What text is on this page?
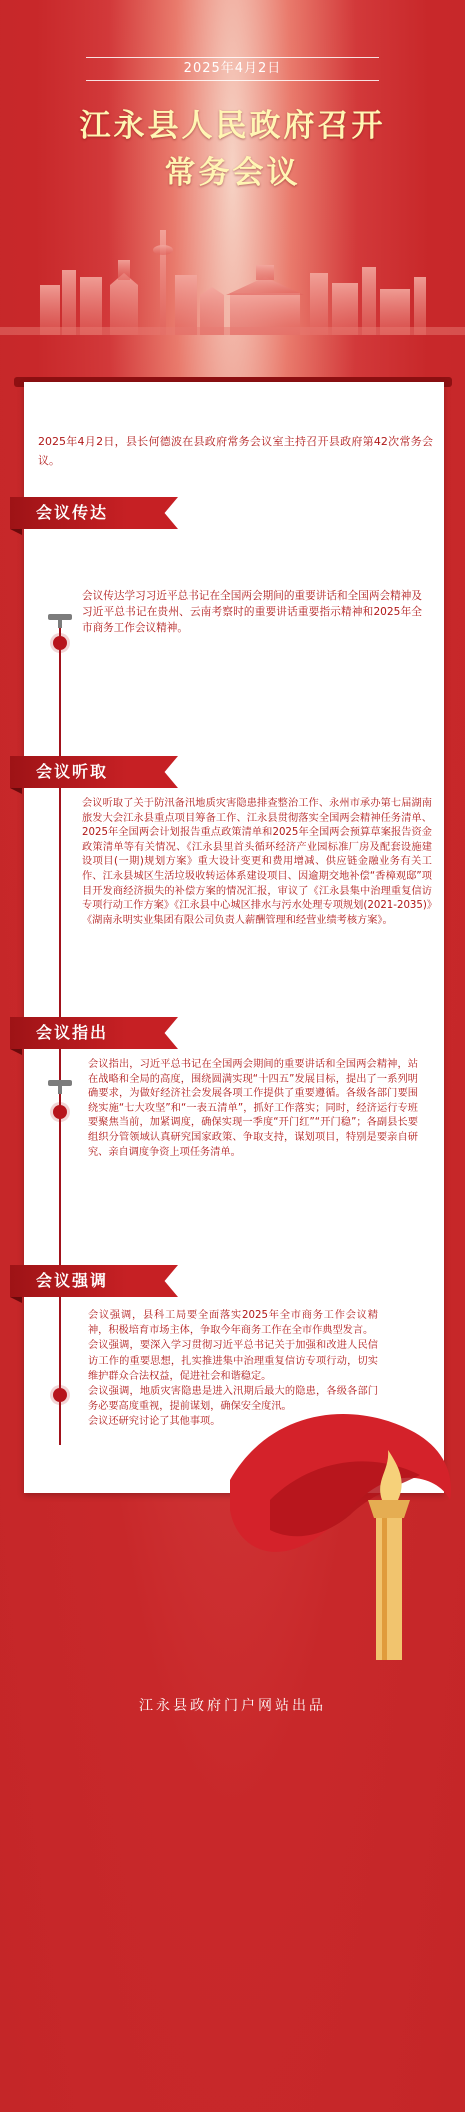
2025年4月2日
江永县人民政府召开
常务会议

2025年4月2日，县长何德波在县政府常务会议室主持召开县政府第42次常务会议。

会议传达

会议传达学习习近平总书记在全国两会期间的重要讲话和全国两会精神及习近平总书记在贵州、云南考察时的重要讲话重要指示精神和2025年全市商务工作会议精神。

会议听取

会议听取了关于防汛备汛地质灾害隐患排查整治工作、永州市承办第七届湖南旅发大会江永县重点项目筹备工作、江永县贯彻落实全国两会精神任务清单、2025年全国两会计划报告重点政策清单和2025年全国两会预算草案报告资金政策清单等有关情况、《江永县里首头循环经济产业园标准厂房及配套设施建设项目(一期)规划方案》重大设计变更和费用增减、供应链金融业务有关工作、江永县城区生活垃圾收转运体系建设项目、因逾期交地补偿“香樟观邸”项目开发商经济损失的补偿方案的情况汇报，审议了《江永县集中治理重复信访专项行动工作方案》《江永县中心城区排水与污水处理专项规划(2021-2035)》《湖南永明实业集团有限公司负责人薪酬管理和经营业绩考核方案》。

会议指出

会议指出，习近平总书记在全国两会期间的重要讲话和全国两会精神，站在战略和全局的高度，围绕圆满实现“十四五”发展目标，提出了一系列明确要求，为做好经济社会发展各项工作提供了重要遵循。各级各部门要围绕实施“七大攻坚”和“一表五清单”，抓好工作落实；同时，经济运行专班要聚焦当前，加紧调度，确保实现一季度“开门红”“开门稳”；各副县长要组织分管领域认真研究国家政策、争取支持，谋划项目，特别是要亲自研究、亲自调度争资上项任务清单。

会议强调

会议强调，县科工局要全面落实2025年全市商务工作会议精神，积极培育市场主体，争取今年商务工作在全市作典型发言。
会议强调，要深入学习贯彻习近平总书记关于加强和改进人民信访工作的重要思想，扎实推进集中治理重复信访专项行动，切实维护群众合法权益，促进社会和谐稳定。
会议强调，地质灾害隐患是进入汛期后最大的隐患，各级各部门务必要高度重视，提前谋划，确保安全度汛。
会议还研究讨论了其他事项。

江永县政府门户网站出品
